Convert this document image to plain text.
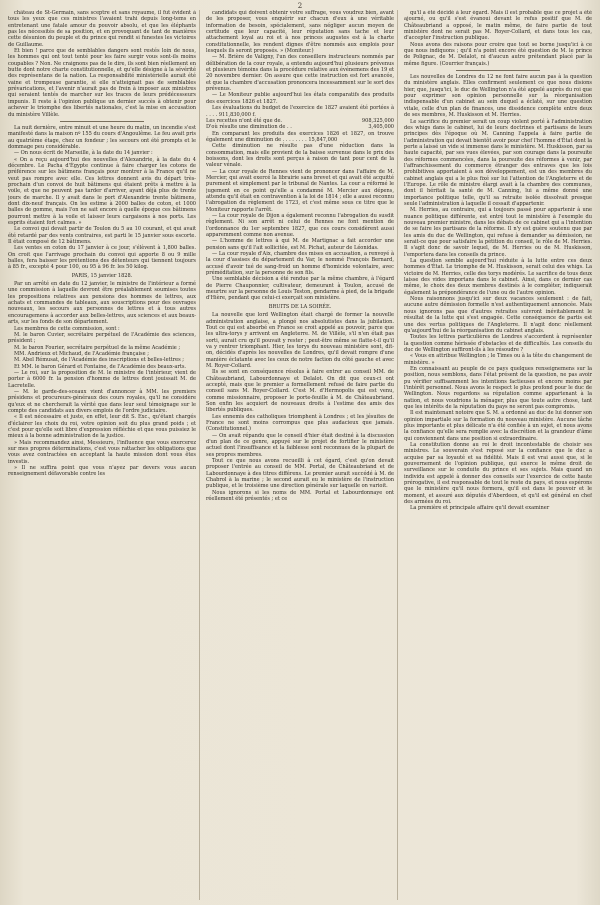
2

château de St-Germain, sans sceptre et sans royaume, il fut évident à tous les yeux que ces ministres l'avaient trahi depuis long-tems en entretenant une fatale amour du pouvoir absolu, et que les éléphants pas les nécessités de sa position, et en provoquant de tant de manières cette désunion du peuple et du prince qui rendit si funestes les victoires de Guillaume.

Et bien ! parce que de semblables dangers sont restés loin de nous, les hommes qui ont tout tenté pour les faire surgir vous sont-ils moins coupables ? Non. Ne craignons pas de le dire, ils sont bien réellement en butte dont notre charte constitutionnelle, et qu'elle désigne à la sévérité des représentans de la nation. La responsabilité ministérielle aurait été vaine et trompeuse garantie, si elle n'atteignait pas de semblables prévarications, et l'avenir n'aurait pas de frein à imposer aux ministres qui seraient tentés de marcher sur les traces de leurs prédécesseurs impunis. Il reste à l'opinion publique un dernier succès à obtenir pour achever le triomphe des libertés nationales, c'est la mise en accusation du ministère Villèle.

La nuit dernière, entre minuit et une heure du matin, un incendie s'est manifesté dans la maison nº 155 du cours d'Angoulême. Le feu avait pris au quatrième étage, chez un fondeur ; les secours ont été prompts et le dommage peu considérable.

— On nous écrit de Marseille, à la date du 14 janvier :

« On a reçu aujourd'hui des nouvelles d'Alexandrie, à la date du 4 décembre. Le Pacha d'Égypte continue à faire charger les cotons de préférence sur les bâtimens français pour montrer à la France qu'il ne veut pas rompre avec elle. Ces lettres donnent avis du départ très-prochain d'un convoi de huit bâtimens qui étaient prêts à mettre à la voile, et que ne peuvent pas tarder d'arriver, ayant déjà plus de trente jours de marche. Il y avait dans le port d'Alexandrie trente bâtimens, dont dix-neuf français. On les estime à 2000 balles de coton, et 1000 balles de gomme, mais l'on ne sait encore à quelle époque ces bâtimens pourront mettre à la voile et laisser leurs cargaisons à nos ports. Les esprits étaient fort calmes. »

Le convoi qui devait partir de Toulon du 5 au 10 courant, et qui avait été retardé par des vents contraires, est parti le 15 janvier sous escorte. Il était composé de 12 bâtimens.

Les ventes en coton du 17 janvier à ce jour, s'élèvent à 1,800 balles. On croit que l'arrivage prochain du convoi qui apporte 8 ou 9 mille balles, fera baisser les prétentions des détenteurs qui tiennent toujours à 85 fr., excepté 4 pour 100, ou 95 à 96 fr. les 50 kilog.

PARIS, 15 janvier 1828.

Par un arrêté en date du 12 janvier, le ministre de l'intérieur a formé une commission à laquelle devront être préalablement soumises toutes les propositions relatives aux pensions des hommes de lettres, aux achats et commandes de tableaux, aux souscriptions pour des ouvrages nouveaux, les secours aux personnes de lettres et à tous autres encouragemens à accorder aux belles-lettres, aux sciences et aux beaux-arts, sur les fonds de son département.

Les membres de cette commission, sont :

M. le baron Cuvier, secrétaire perpétuel de l'Académie des sciences, président ;

M. le baron Fourier, secrétaire perpétuel de la même Académie ;

MM. Andrieux et Michaud, de l'Académie française ;

M. Abel Rémusat, de l'Académie des inscriptions et belles-lettres ;

Et MM. le baron Gérard et Fontaine, de l'Académie des beaux-arts.

— Le roi, sur la proposition de M. le ministre de l'intérieur, vient de porter à 6000 fr. la pension d'homme de lettres dont jouissait M. de Lacretelle.

— M. le garde-des-sceaux vient d'annoncer à MM. les premiers présidens et procureurs-généraux des cours royales, qu'il ne considère qu'eux et ne chercherait la vérité que dans leur seul témoignage sur le compte des candidats aux divers emplois de l'ordre judiciaire.

« Il est nécessaire et juste, en effet, leur dit S. Exc., qu'étant chargés d'éclairer les choix du roi, votre opinion soit du plus grand poids ; et c'est pour qu'elle soit libre d'expression réfléchie et que vous puissiez le mieux à la bonne administration de la justice.

» Mais recommandez ainsi, Messieurs, l'influence que vous exercerez sur mes propres déterminations, c'est vous rattacher les obligations que vous avez contractées en acceptant la haute mission dont vous êtes investis.

» Il ne suffira point que vous n'ayez par devers vous aucun renseignement défavorable contre les

candidats qui doivent obtenir votre suffrage, vous voudrez bien, avant de les proposer, vous enquérir sur chacun d'eux à une véritable information de besoin, spécialement, sans négliger aucun moyen de certitude que leur capacité, leur réputation sans tache et leur attachement loyal au roi et à nos princes augustes est à la charte constitutionnelle, les rendent dignes d'être nommés aux emplois pour lesquels ils seront proposés. » (Moniteur.)

— M. Brière de Valigny, l'un des conseillers instructeurs nommés par délibération de la cour royale, a entendu aujourd'hui plusieurs prévenus et plusieurs témoins dans la procédure relative aux événemens des 19 et 20 novembre dernier. On assure que cette instruction est fort avancée, et que la chambre d'accusation prononcera incessamment sur le sort des prévenus.

— Le Moniteur publie aujourd'hui les états comparatifs des produits des exercices 1826 et 1827.

Les évaluations du budget de l'exercice de 1827 avaient été portées à . . . . 911,830,000 f.

Les recettes n'ont été que de.	908,325,000
D'où résulte une diminution de . .	3,405,000

En comparant les produits des exercices 1826 et 1827, on trouve également une diminution de . . . . . . . . 15,847,000

Cette diminution ne résulte pas d'une réduction dans la consommation, mais elle provient de la baisse survenue dans le prix des boissons, dont les droits sont perçus à raison de tant pour cent de la valeur vénale.

— La cour royale de Rennes vient de prononcer dans l'affaire de M. Mercier, qui avait exercé la librairie sans brevet et qui avait été acquitté purement et simplement par le tribunal de Nantes. La cour a réformé le jugement en ce point qu'elle a condamné M. Mercier aux dépens, attendu qu'il était en contravention à la loi de 1814 ; elle a aussi reconnu l'abrogation du règlement de 1723, et c'est même sous ce titre que le Moniteur rapporte l'arrêt.

— La cour royale de Dijon a également reconnu l'abrogation du susdit règlement. Ni son arrêt ni celui de Rennes ne font mention de l'ordonnance du 1er septembre 1827, que ces cours considèrent aussi apparemment comme non avenue.

— L'homme de lettres à qui M. de Martignac a fait accorder une pension sans qu'il l'ait sollicitée, est M. Pichat, auteur de Léonidas.

— La cour royale d'Aix, chambre des mises en accusation, a renvoyé à la cour d'assises du département du Var, le nommé François Bernard, accusé d'avoir tué de sang-froid un homme d'homicide volontaire, avec préméditation, sur la personne de son fils.

Une semblable décision a été rendue par la même chambre, à l'égard de Pierre Chauponnier, cultivateur, demeurant à Toulon, accusé de meurtre sur la personne de Louis Teston, gendarme à pied, de la brigade d'Hière, pendant que celui-ci exerçait son ministère.

BRUITS DE LA SOIRÉE.

La nouvelle que lord Wellington était chargé de former la nouvelle administration anglaise, a plongé nos absolutistes dans la jubilation. Tout ce qui est absorbé en France se croit appelé au pouvoir, parce que les ultra-torys y arrivent en Angleterre. M. de Villèle, s'il n'en était pas sorti, aurait cru qu'il pouvait y rester ; peut-être même se flatte-t-il qu'il va y rentrer triomphant. Hier, les torys du nouveau ministère sont, dit-on, décidés d'après les nouvelles de Londres, qu'il devait rompre d'une manière éclatante avec les ceux de notre faction du côté gauche et avec M. Royer-Collard.

Ils se sont en conséquence résolus à faire entrer au conseil MM. de Châteaubriand, Labourdonnaye et Delalot. On dit que ceux-ci ont accepté, mais que le premier a formellement refusé de faire partie du conseil sans M. Royer-Collard. C'est M. d'Hermopolis qui est venu, comme missionnaire, proposer le porte-feuille à M. de Châteaubriand. Son enfin les acquiert de nouveaux droits à l'estime des amis des libertés publiques.

Les ennemis des catholiques triomphent à Londres ; et les jésuites de France ne sont moins corrompus que plus audacieux que jamais. (Constitutionnel.)

— On avait répandu que le conseil d'hier était destiné à la discussion d'un plan de ce genre, appuyé sur le projet de fortifier le ministère actuel dont l'insuffisance et la faiblesse sont reconnues de la plupart de ses propres membres.

Tout ce que nous avons recueilli à cet égard, c'est qu'on devait proposer l'entrée au conseil de MM. Portal, de Châteaubriand et de Labourdonnaye à des titres différens. Le premier aurait succédé à M. de Chabrol à la marine ; le second aurait eu le ministère de l'instruction publique, et le troisième une direction générale sur laquelle on varioit.

Nous ignorons si les noms de MM. Portal et Labourdonnaye ont réellement été présentés ; et ce

qu'il a été décidé à leur égard. Mais il est probable que ce projet a été ajourné, ou qu'il s'est évanoui devant le refus positif que M. de Châteaubriand a opposé, le matin même, de faire partie de tout ministère dont ne serait pas M. Royer-Collard, et dans tous les cas, d'accepter l'instruction publique.

Nous avons des raisons pour croire que tout se borne jusqu'ici à ce que nous indiquons ; qu'il n'a point encore été question de M. le prince de Polignac, de M. Delalot, ni d'aucun autre prétendant placé par la même figure. (Courrier français.)

Les nouvelles de Londres du 12 ne font faire aucun pas à la question du ministère anglais. Elles confirment seulement ce que nous disions hier, que, jusqu'ici, le duc de Wellington n'a été appelé auprès du roi que pour exprimer son opinion personnelle sur la réorganisation indispensable d'un cabinet au sein duquel a éclaté, sur une question vitale, celle d'un plan de finances, une dissidence complète entre deux de ses membres, M. Huskisson et M. Herries.

Le sacrifice du premier serait un coup violent porté à l'administration des whigs dans le cabinet, lui de leurs doctrines et partisans de leurs principes dès l'époque où M. Canning l'appela à faire partie de l'administration qui devait bientôt avoir pour chef l'homme d'État dont la perte a laissé un vide si immense dans le ministère. M. Huskisson, par sa haute capacité, par ses vues élevées, par son courage dans la poursuite des réformes commencées, dans la poursuite des réformes à venir, par l'affranchissement du commerce étranger des entraves que les lois prohibitives apportaient à son développement, est un des membres du cabinet anglais qui a le plus fixé sur lui l'attention de l'Angleterre et de l'Europe. Le rôle de ministre élargi avait à la chambre des communes, dont il héritait la santé de M. Canning, lui a même donné une importance politique telle, qu'il sa retraite isolée dissolvait presque seule l'administration à laquelle il cessait d'appartenir.

M. Herries, au contraire, qui a toujours passé pour appartenir à une nuance politique différente, est entré tout le ministère à l'exemple du nouveau premier ministre, dans les débats de ce cabinet qui a l'intention de se faire les partisans de la réforme. Il n'y est guère soutenu que par les amis du duc de Wellington, qui refuse à demander sa démission, ne serait-ce que pour satisfaire la pétition du conseil, le rôle de M. Herries. Il s'agit donc de savoir lequel, de M. Herries ou de M. Huskisson, l'emportera dans les conseils du prince.

La question semble aujourd'hui réduite à la lutte entre ces deux hommes d'État. Le triomphe de M. Huskisson, serait celui des whigs. La victoire de M. Herries, celle des torys modérés. Le sacrifice de tous deux laisse des vides importans dans le cabinet. Ainsi, dans ce dernier cas même, le choix des deux membres destinés à le compléter, indiquerait également la prépondérance de l'une ou de l'autre opinion.

Nous raisonnons jusqu'ici sur deux vacances seulement : de fait, aucune autre démission formelle n'est authentiquement annoncée. Mais nous ignorons pas que d'autres retraites suivront inévitablement le résultat de la lutte qui s'est engagée. Cette conséquence de partis est une des vertus politiques de l'Angleterre. Il n'agit donc réellement qu'aujourd'hui de la réorganisation du cabinet anglais.

Toutes les lettres particulières de Londres s'accordent à représenter la question comme hérissée d'obstacles et de difficultés. Les conseils du duc de Wellington suffiront-ils à les résoudre ?

« Vous en attribue Wellington ; le Times ou à la tête du changement de ministère. »

En connaissant au peuple de ce pays quelques renseignemens sur la position, nous semblons, dans l'état présent de la question, ne pas avoir pu vérifier suffisamment les intentions factieuses et encore moins par l'intérêt personnel. Nous avons le respect le plus profond pour le duc de Wellington. Nous regardons sa réputation comme appartenant à la nation, et nous voudrions la ménager, plus que toute autre chose, tant que les intérêts de la réputation du pays ne seront pas compromis.

Il est maintenant notoire que S. M. a ordonné au duc de lui donner son opinion impartiale sur la formation du nouveau ministère. Aucune tâche plus importante et plus délicate n'a été confiée à un sujet, et nous avons la confiance qu'elle sera remplie avec la discrétion et la grandeur d'âme qui conviennent dans une position si extraordinaire.

La constitution donne au roi le droit incontestable de choisir ses ministres. Le souverain s'est reposé sur la confiance que le duc a acquise par sa loyauté et sa fidélité. Mais il est vrai aussi que, si le gouvernement de l'opinion publique, qui exerce le même droit de surveillance sur le conduite du prince et ses sujets. Mais quand un individu est appelé à donner des conseils sur l'exercice de cette haute prérogative, il est responsable de tout le reste du pays, et nous espérons que le ministère qu'il nous formera, qu'il est dans le pouvoir et le moment, et assuré aux députés d'Aberdeen, et qu'il est général en chef des armées du roi.

La première et principale affaire qu'il devait examiner
